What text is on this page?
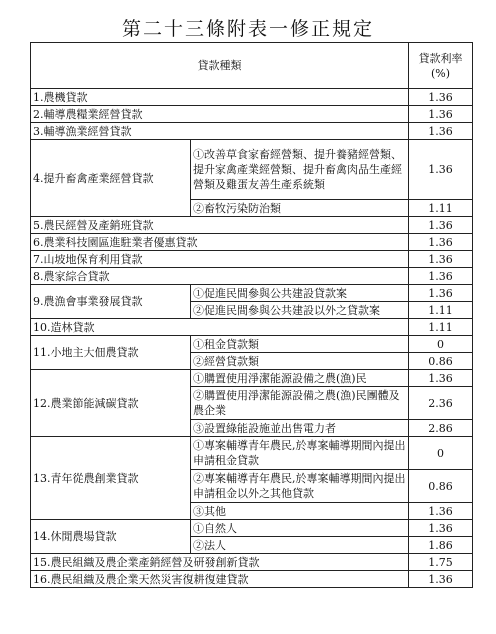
第二十三條附表一修正規定
貸款種類		貸款利率(%)
1.農機貸款		1.36
2.輔導農糧業經營貸款		1.36
3.輔導漁業經營貸款		1.36
4.提升畜禽產業經營貸款	①改善草食家畜經營類、提升養豬經營類、提升家禽產業經營類、提升畜禽肉品生產經營類及雞蛋友善生產系統類	1.36
	②畜牧污染防治類	1.11
5.農民經營及產銷班貸款		1.36
6.農業科技園區進駐業者優惠貸款		1.36
7.山坡地保育利用貸款		1.36
8.農家綜合貸款		1.36
9.農漁會事業發展貸款	①促進民間參與公共建設貸款案	1.36
	②促進民間參與公共建設以外之貸款案	1.11
10.造林貸款		1.11
11.小地主大佃農貸款	①租金貸款類	0
	②經營貸款類	0.86
12.農業節能減碳貸款	①購置使用淨潔能源設備之農(漁)民	1.36
	②購置使用淨潔能源設備之農(漁)民團體及農企業	2.36
	③設置綠能設施並出售電力者	2.86
13.青年從農創業貸款	①專案輔導青年農民,於專案輔導期間內提出申請租金貸款	0
	②專案輔導青年農民,於專案輔導期間內提出申請租金以外之其他貸款	0.86
	③其他	1.36
14.休閒農場貸款	①自然人	1.36
	②法人	1.86
15.農民組織及農企業產銷經營及研發創新貸款		1.75
16.農民組織及農企業天然災害復耕復建貸款		1.36
